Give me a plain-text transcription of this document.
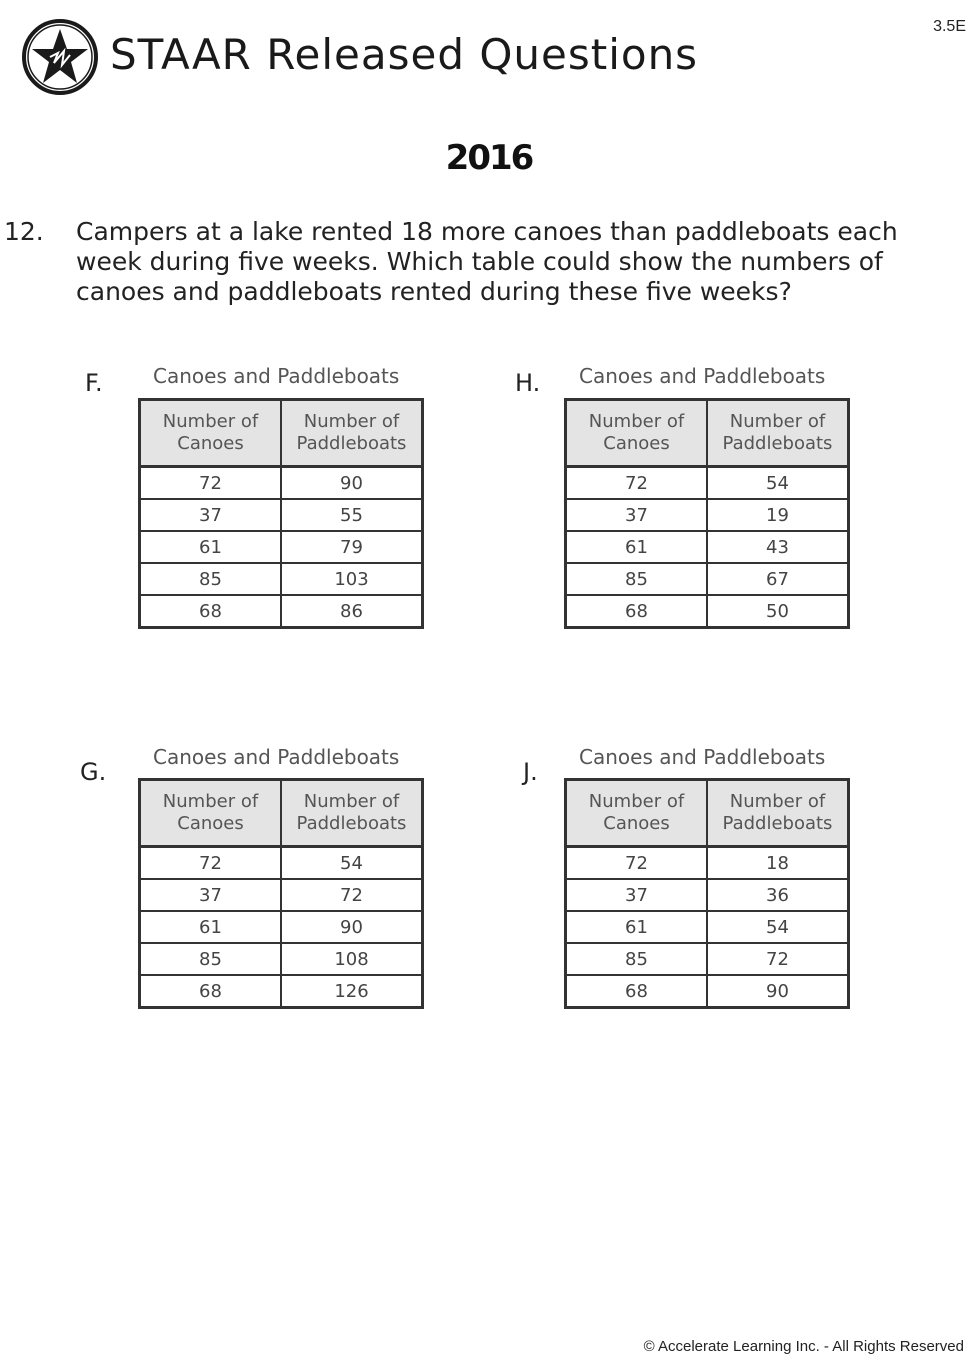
STAAR Released Questions
3.5E
2016
12. Campers at a lake rented 18 more canoes than paddleboats each week during five weeks. Which table could show the numbers of canoes and paddleboats rented during these five weeks?
F.	Canoes and Paddleboats
Number of Canoes	Number of Paddleboats
72	90
37	55
61	79
85	103
68	86
H. Canoes and Paddleboats
Number of Canoes	Number of Paddleboats
72	54
37	19
61	43
85	67
68	50
G.
Canoes and Paddleboats
Number of Canoes	Number of Paddleboats
72	54
37	72
61	90
85	108
68	126
J.
Canoes and Paddleboats
Number of Canoes	Number of Paddleboats
72	18
37	36
61	54
85	72
68	90
© Accelerate Learning Inc. - All Rights Reserved
